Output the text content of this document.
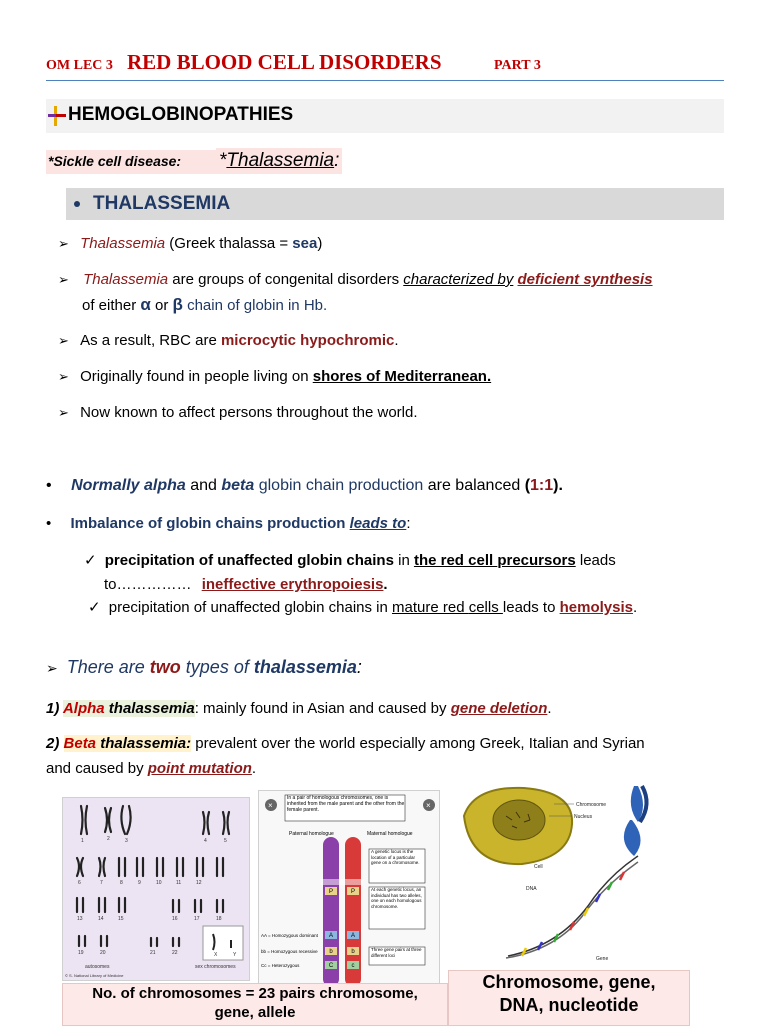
OM LEC 3 RED BLOOD CELL DISORDERS	PART 3
HEMOGLOBINOPATHIES
*Sickle cell disease: *Thalassemia:
THALASSEMIA
➢ Thalassemia (Greek thalassa = sea)
➢ Thalassemia are groups of congenital disorders characterized by deficient synthesis
of either α or β chain of globin in Hb.
➢ As a result, RBC are microcytic hypochromic.
➢ Originally found in people living on shores of Mediterranean.
➢ Now known to affect persons throughout the world.
• Normally alpha and beta globin chain production are balanced (1:1).
• Imbalance of globin chains production leads to:
✓ precipitation of unaffected globin chains in the red cell precursors leads
to…………… ineffective erythropoiesis.
✓ precipitation of unaffected globin chains in mature red cells leads to hemolysis.
➢ There are two types of thalassemia:
1) Alpha thalassemia: mainly found in Asian and caused by gene deletion.
2) Beta thalassemia: prevalent over the world especially among Greek, Italian and Syrian
and caused by point mutation.
1	2	3	4	5
6	7	8	9	10	11	12
13	14	15	16	17	18
19	20	21	22	X	Y
autosomes	sex chromosomes
© S. National Library of Medicine
×	×
In a pair of homologous chromosomes, one is inherited from the male parent and the other from the female parent.
Paternal homologue	Maternal homologue
P	P
A	A
b	b
C	c
A genetic locus is the location of a particular gene on a chromosome.
At each genetic locus, an individual has two alleles, one on each homologous chromosome.
Three gene pairs at three different loci
AA = Homozygous dominant
bb = Homozygous recessive
Cc = Heterozygous
Chromosome
Nucleus
Cell
DNA
Gene
No. of chromosomes = 23 pairs chromosome,
gene, allele
Chromosome, gene,
DNA, nucleotide
